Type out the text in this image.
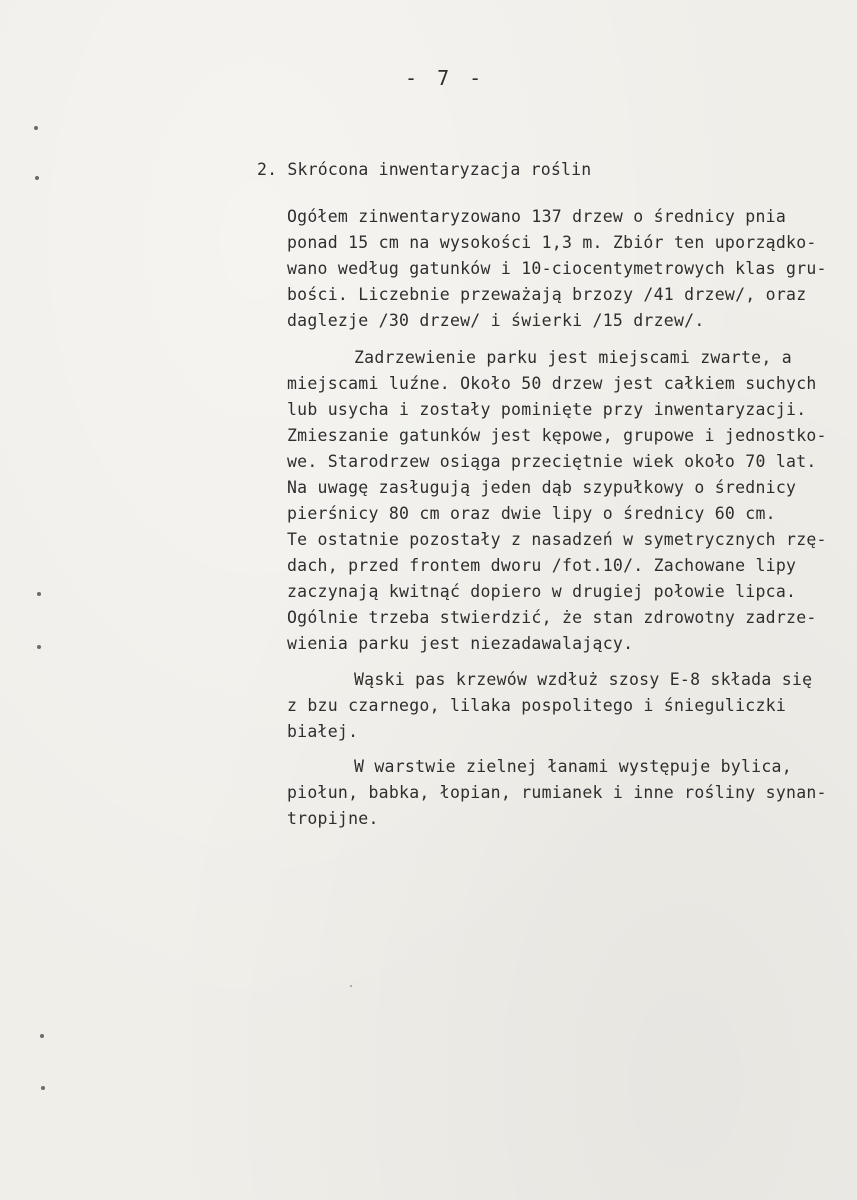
- 7 -
2. Skrócona inwentaryzacja roślin
Ogółem zinwentaryzowano 137 drzew o średnicy pnia
ponad 15 cm na wysokości 1,3 m. Zbiór ten uporządko-
wano według gatunków i 10-ciocentymetrowych klas gru-
bości. Liczebnie przeważają brzozy /41 drzew/, oraz
daglezje /30 drzew/ i świerki /15 drzew/.
Zadrzewienie parku jest miejscami zwarte, a
miejscami luźne. Około 50 drzew jest całkiem suchych
lub usycha i zostały pominięte przy inwentaryzacji.
Zmieszanie gatunków jest kępowe, grupowe i jednostko-
we. Starodrzew osiąga przeciętnie wiek około 70 lat.
Na uwagę zasługują jeden dąb szypułkowy o średnicy
pierśnicy 80 cm oraz dwie lipy o średnicy 60 cm.
Te ostatnie pozostały z nasadzeń w symetrycznych rzę-
dach, przed frontem dworu /fot.10/. Zachowane lipy
zaczynają kwitnąć dopiero w drugiej połowie lipca.
Ogólnie trzeba stwierdzić, że stan zdrowotny zadrze-
wienia parku jest niezadawalający.
Wąski pas krzewów wzdłuż szosy E-8 składa się
z bzu czarnego, lilaka pospolitego i śnieguliczki
białej.
W warstwie zielnej łanami występuje bylica,
piołun, babka, łopian, rumianek i inne rośliny synan-
tropijne.
